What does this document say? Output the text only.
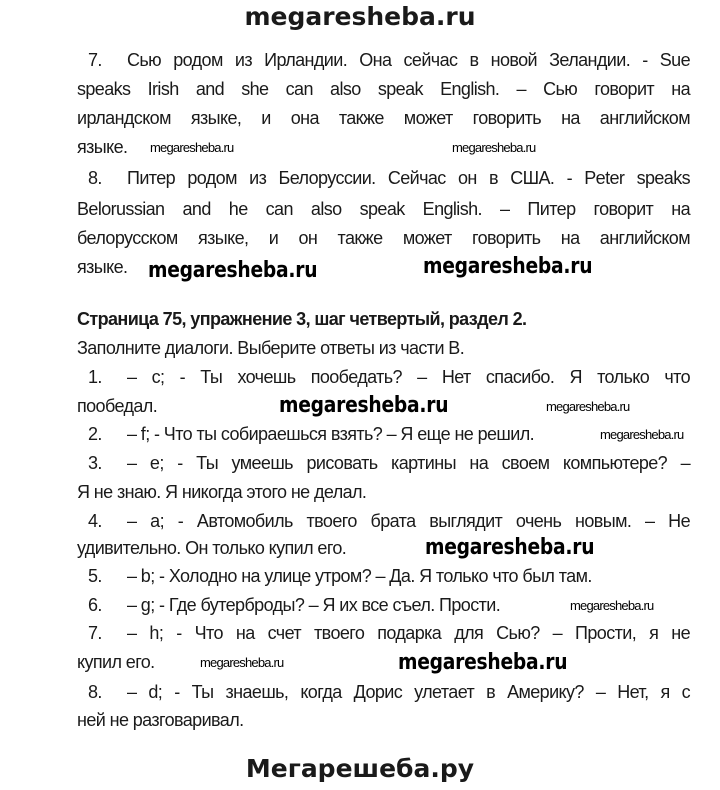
megaresheba.ru
7. Сью родом из Ирландии. Она сейчас в новой Зеландии. - Sue
speaks Irish and she can also speak English. – Сью говорит на
ирландском языке, и она также может говорить на английском
языке.
8. Питер родом из Белоруссии. Сейчас он в США. - Peter speaks
Belorussian and he can also speak English. – Питер говорит на
белорусском языке, и он также может говорить на английском
языке.
Страница 75, упражнение 3, шаг четвертый, раздел 2.
Заполните диалоги. Выберите ответы из части B.
1. – c; - Ты хочешь пообедать? – Нет спасибо. Я только что
пообедал.
2. – f; - Что ты собираешься взять? – Я еще не решил.
3. – e; - Ты умеешь рисовать картины на своем компьютере? –
Я не знаю. Я никогда этого не делал.
4. – a; - Автомобиль твоего брата выглядит очень новым. – Не
удивительно. Он только купил его.
5. – b; - Холодно на улице утром? – Да. Я только что был там.
6. – g; - Где бутерброды? – Я их все съел. Прости.
7. – h; - Что на счет твоего подарка для Сью? – Прости, я не
купил его.
8. – d; - Ты знаешь, когда Дорис улетает в Америку? – Нет, я с
ней не разговаривал.
megaresheba.ru	megaresheba.ru
megaresheba.ru	megaresheba.ru
megaresheba.ru
megaresheba.ru
megaresheba.ru
megaresheba.ru
megaresheba.ru
megaresheba.ru	megaresheba.ru
Мегарешеба.ру
